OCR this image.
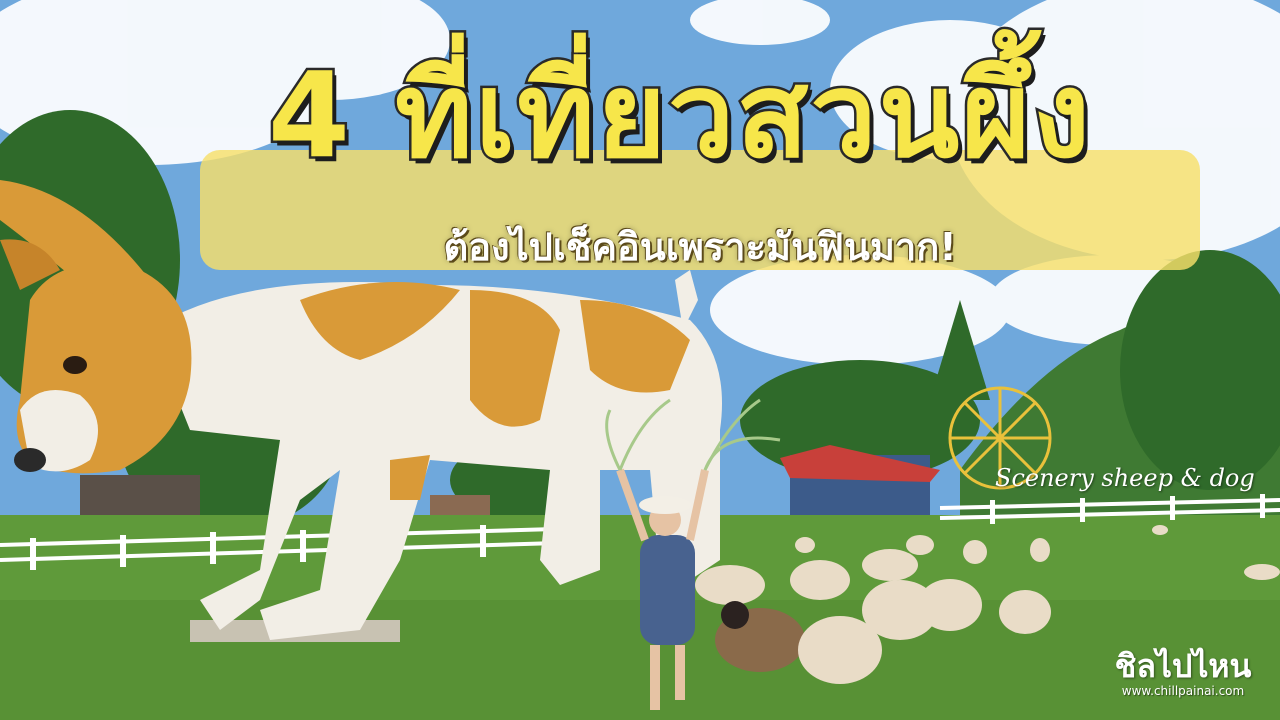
4 ที่เที่ยวสวนผึ้ง
ต้องไปเช็คอินเพราะมันฟินมาก!
Scenery sheep & dog
ชิลไปไหน
www.chillpainai.com
